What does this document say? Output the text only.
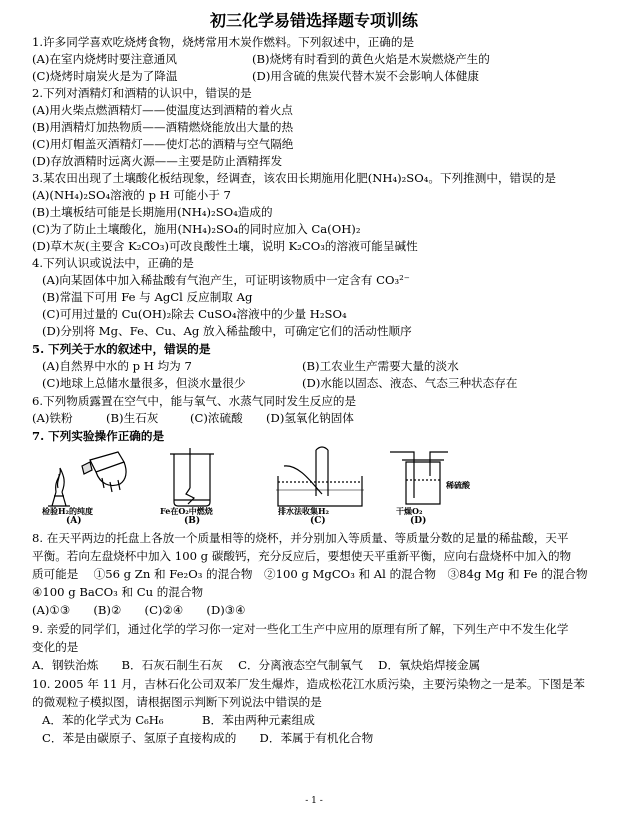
初三化学易错选择题专项训练
1.许多同学喜欢吃烧烤食物，烧烤常用木炭作燃料。下列叙述中，正确的是
(A)在室内烧烤时要注意通风	(B)烧烤有时看到的黄色火焰是木炭燃烧产生的
(C)烧烤时扇炭火是为了降温	(D)用含硫的焦炭代替木炭不会影响人体健康
2.下列对酒精灯和酒精的认识中，错误的是
(A)用火柴点燃酒精灯——使温度达到酒精的着火点
(B)用酒精灯加热物质——酒精燃烧能放出大量的热
(C)用灯帽盖灭酒精灯——使灯芯的酒精与空气隔绝
(D)存放酒精时远离火源——主要是防止酒精挥发
3.某农田出现了土壤酸化板结现象，经调查，该农田长期施用化肥(NH₄)₂SO₄。下列推测中，错误的是
(A)(NH₄)₂SO₄溶液的 p H 可能小于 7
(B)土壤板结可能是长期施用(NH₄)₂SO₄造成的
(C)为了防止土壤酸化，施用(NH₄)₂SO₄的同时应加入 Ca(OH)₂
(D)草木灰(主要含 K₂CO₃)可改良酸性土壤，说明 K₂CO₃的溶液可能呈碱性
4.下列认识或说法中，正确的是
(A)向某固体中加入稀盐酸有气泡产生，可证明该物质中一定含有 CO₃²⁻
(B)常温下可用 Fe 与 AgCl 反应制取 Ag
(C)可用过量的 Cu(OH)₂除去 CuSO₄溶液中的少量 H₂SO₄
(D)分别将 Mg、Fe、Cu、Ag 放入稀盐酸中，可确定它们的活动性顺序
5. 下列关于水的叙述中，错误的是
(A)自然界中水的 p H 均为 7	(B)工农业生产需要大量的淡水
(C)地球上总储水量很多，但淡水量很少	(D)水能以固态、液态、气态三种状态存在
6.下列物质露置在空气中，能与氧气、水蒸气同时发生反应的是
(A)铁粉	(B)生石灰	(C)浓硫酸 (D)氢氧化钠固体
7. 下列实验操作正确的是
检验H₂的纯度
(A)
Fe在O₂中燃烧
(B)
排水法收集H₂
(C)
稀硫酸
干燥O₂
(D)
8. 在天平两边的托盘上各放一个质量相等的烧杯，并分别加入等质量、等质量分数的足量的稀盐酸，天平
平衡。若向左盘烧杯中加入 100 g 碳酸钙，充分反应后，要想使天平重新平衡，应向右盘烧杯中加入的物
质可能是　 ①56 g Zn 和 Fe₂O₃ 的混合物　②100 g MgCO₃ 和 Al 的混合物　③84g Mg 和 Fe 的混合物
④100 g BaCO₃ 和 Cu 的混合物
(A)①③　　(B)②　　(C)②④　　(D)③④
9. 亲爱的同学们，通过化学的学习你一定对一些化工生产中应用的原理有所了解，下列生产中不发生化学
变化的是
A．钢铁治炼　　B．石灰石制生石灰　 C．分离液态空气制氧气　 D．氧炔焰焊接金属
10. 2005 年 11 月，吉林石化公司双苯厂发生爆炸，造成松花江水质污染，主要污染物之一是苯。下图是苯
的微观粒子模拟图，请根据图示判断下列说法中错误的是
A．苯的化学式为 C₆H₆　　　 B．苯由两种元素组成
C．苯是由碳原子、氢原子直接构成的　　D．苯属于有机化合物
- 1 -
